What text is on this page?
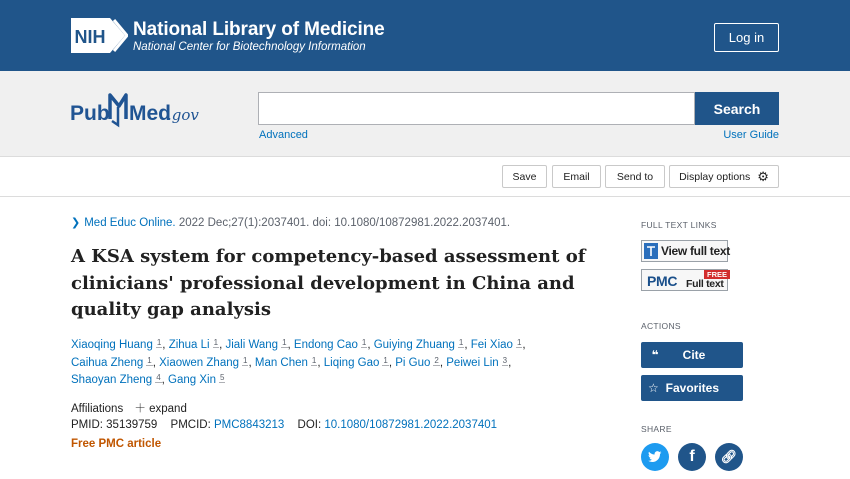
NIH National Library of Medicine
National Center for Biotechnology Information
Log in
Pub Med
.gov	Search
Advanced	User Guide
Save	Email	Send to	Display options ⚙
❯ Med Educ Online. 2022 Dec;27(1):2037401. doi: 10.1080/10872981.2022.2037401.
A KSA system for competency-based assessment of clinicians' professional development in China and quality gap analysis
Xiaoqing Huang $^1$, Zihua Li $^1$, Jiali Wang $^1$, Endong Cao $^1$, Guiying Zhuang $^1$, Fei Xiao $^1$, Caihua Zheng $^1$, Xiaowen Zhang $^1$, Man Chen $^1$, Liqing Gao $^1$, Pi Guo $^2$, Peiwei Lin $^3$, Shaoyan Zheng $^4$, Gang Xin $^5$
Affiliations ＋ expand
PMID: 35139759 PMCID: PMC8843213 DOI: 10.1080/10872981.2022.2037401
Free PMC article
FULL TEXT LINKS
View full text
PMC	FREE
Full text
ACTIONS
❝	Cite
☆ Favorites
SHARE
f 🔗︎
